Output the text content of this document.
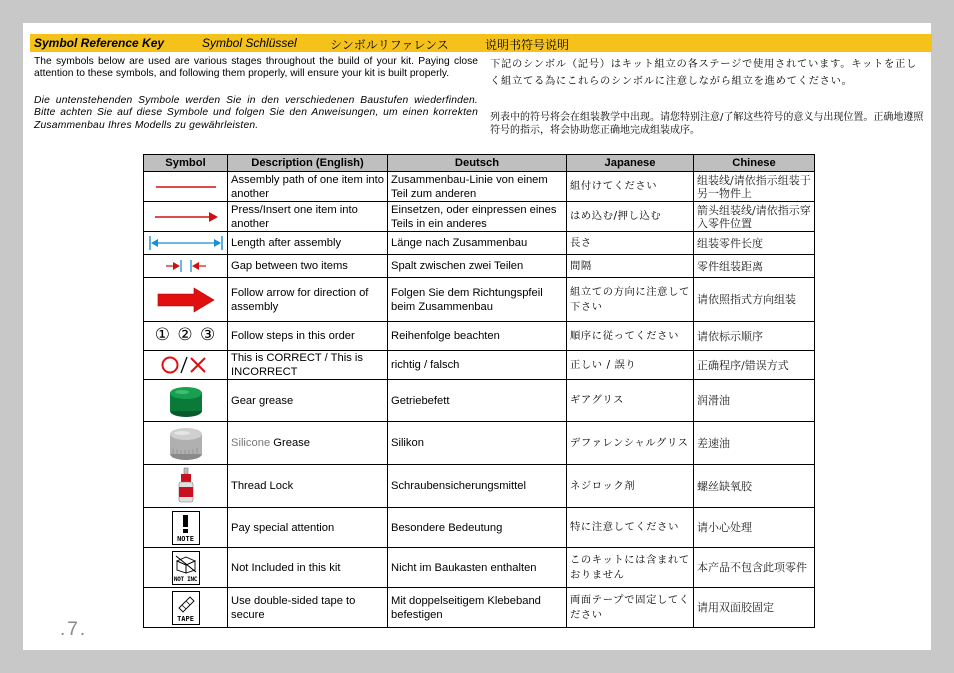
Symbol Reference Key	Symbol Schlüssel	シンボルリファレンス	说明书符号说明
The symbols below are used are various stages throughout the build of your kit. Paying close attention to these symbols, and following them properly, will ensure your kit is built properly.
Die untenstehenden Symbole werden Sie in den verschiedenen Baustufen wiederfinden. Bitte achten Sie auf diese Symbole und folgen Sie den Anweisungen, um einen korrekten Zusammenbau Ihres Modells zu gewährleisten.
下記のシンボル（記号）はキット組立の各ステージで使用されています。キットを正しく組立てる為にこれらのシンボルに注意しながら組立を進めてください。
列表中的符号将会在组装教学中出现。请您特别注意/了解这些符号的意义与出现位置。正确地遵照符号的指示，将会协助您正确地完成组装成序。
Symbol	Description (English)	Deutsch	Japanese	Chinese

	Assembly path of one item into another	Zusammenbau-Linie von einem Teil zum anderen	組付けてください	组装线/请依指示组装于另一物件上

	Press/Insert one item into another	Einsetzen, oder einpressen eines Teils in ein anderes	はめ込む/押し込む	箭头组装线/请依指示穿入零件位置

	Length after assembly	Länge nach Zusammenbau	長さ	组装零件长度

	Gap between two items	Spalt zwischen zwei Teilen	間隔	零件组装距离

	Follow arrow for direction of assembly	Folgen Sie dem Richtungspfeil beim Zusammenbau	組立ての方向に注意して下さい	请依照指式方向组装
① ② ③	Follow steps in this order	Reihenfolge beachten	順序に従ってください	请依标示顺序

	This is CORRECT / This is INCORRECT	richtig / falsch	正しい / 誤り	正确程序/错误方式

	Gear grease	Getriebefett	ギアグリス	润滑油

	Silicone Grease	Silikon	デファレンシャルグリス	差速油

	Thread Lock	Schraubensicherungsmittel	ネジロック剤	螺丝缺氧胶

NOTE	Pay special attention	Besondere Bedeutung	特に注意してください	请小心处理

NOT INC	Not Included in this kit	Nicht im Baukasten enthalten	このキットには含まれておりません	本产品不包含此项零件

TAPE	Use double-sided tape to secure	Mit doppelseitigem Klebeband befestigen	両面テープで固定してください	请用双面胶固定
.7.
